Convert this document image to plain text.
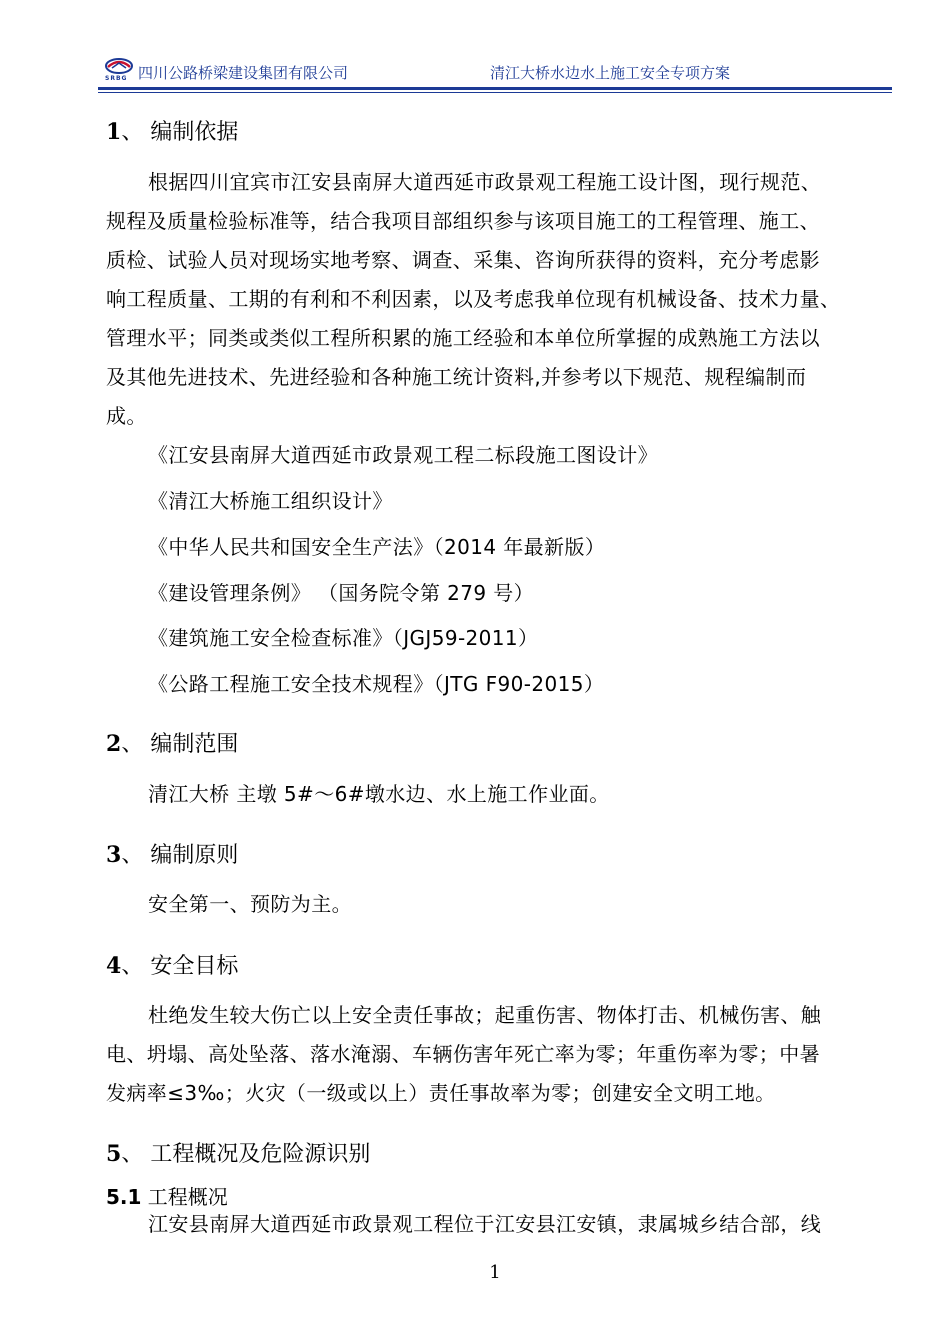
SRBG 四川公路桥梁建设集团有限公司	清江大桥水边水上施工安全专项方案
1、 编制依据
根据四川宜宾市江安县南屏大道西延市政景观工程施工设计图，现行规范、
规程及质量检验标准等，结合我项目部组织参与该项目施工的工程管理、施工、
质检、试验人员对现场实地考察、调查、采集、咨询所获得的资料，充分考虑影
响工程质量、工期的有利和不利因素，以及考虑我单位现有机械设备、技术力量、
管理水平；同类或类似工程所积累的施工经验和本单位所掌握的成熟施工方法以
及其他先进技术、先进经验和各种施工统计资料,并参考以下规范、规程编制而
成。
《江安县南屏大道西延市政景观工程二标段施工图设计》
《清江大桥施工组织设计》
《中华人民共和国安全生产法》（2014 年最新版）
《建设管理条例》 （国务院令第 279 号）
《建筑施工安全检查标准》（JGJ59-2011）
《公路工程施工安全技术规程》（JTG F90-2015）
2、 编制范围
清江大桥 主墩 5#～6#墩水边、水上施工作业面。
3、 编制原则
安全第一、预防为主。
4、 安全目标
杜绝发生较大伤亡以上安全责任事故；起重伤害、物体打击、机械伤害、触
电、坍塌、高处坠落、落水淹溺、车辆伤害年死亡率为零；年重伤率为零；中暑
发病率≤3‰；火灾（一级或以上）责任事故率为零；创建安全文明工地。
5、 工程概况及危险源识别
5.1 工程概况
江安县南屏大道西延市政景观工程位于江安县江安镇，隶属城乡结合部，线
1
